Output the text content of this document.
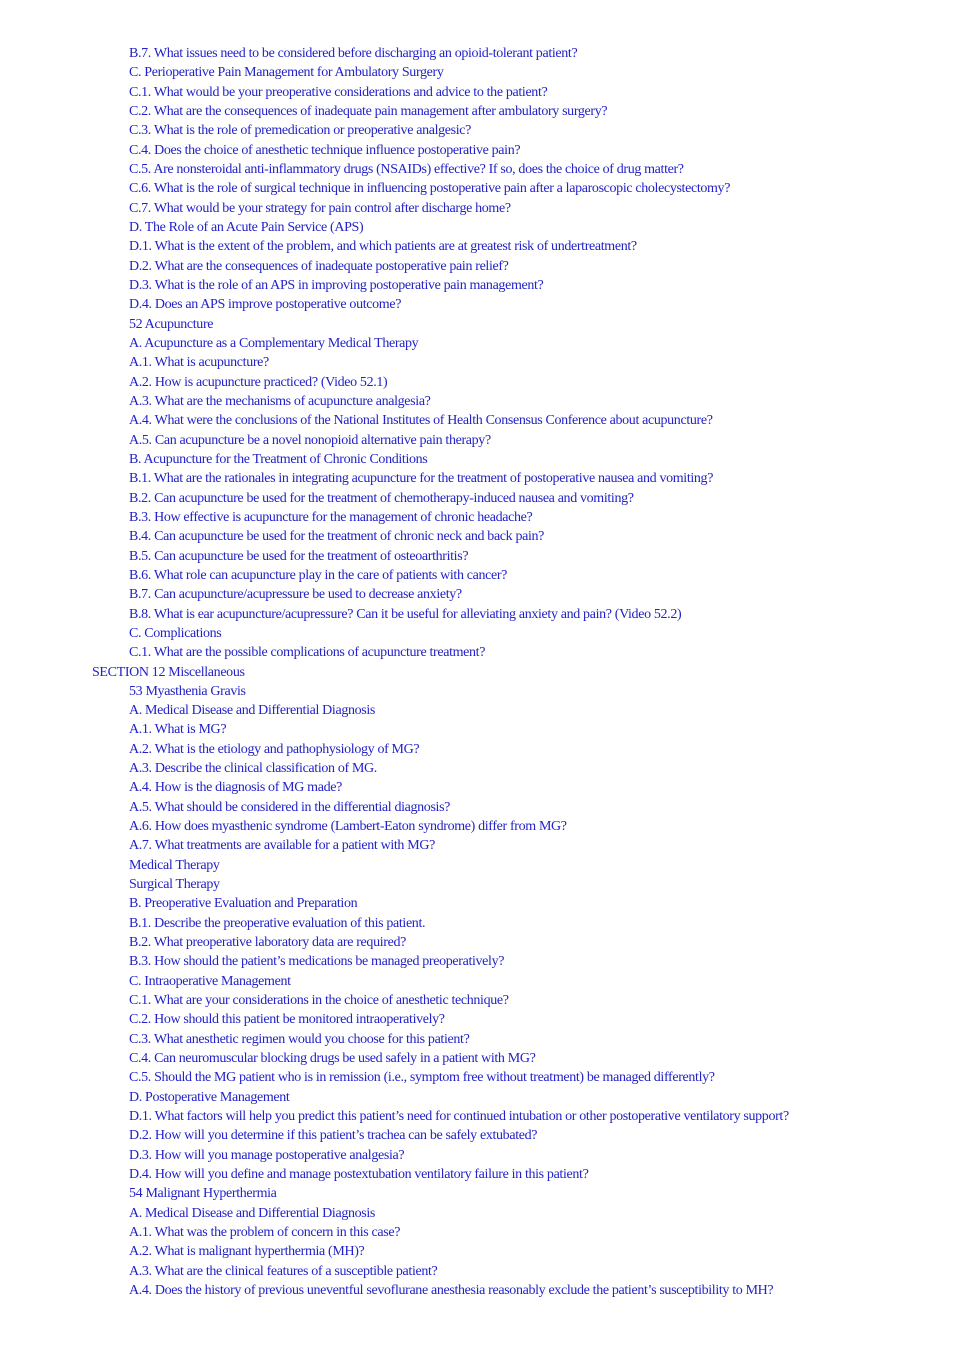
B.7. What issues need to be considered before discharging an opioid-tolerant patient?
C. Perioperative Pain Management for Ambulatory Surgery
C.1. What would be your preoperative considerations and advice to the patient?
C.2. What are the consequences of inadequate pain management after ambulatory surgery?
C.3. What is the role of premedication or preoperative analgesic?
C.4. Does the choice of anesthetic technique influence postoperative pain?
C.5. Are nonsteroidal anti-inflammatory drugs (NSAIDs) effective? If so, does the choice of drug matter?
C.6. What is the role of surgical technique in influencing postoperative pain after a laparoscopic cholecystectomy?
C.7. What would be your strategy for pain control after discharge home?
D. The Role of an Acute Pain Service (APS)
D.1. What is the extent of the problem, and which patients are at greatest risk of undertreatment?
D.2. What are the consequences of inadequate postoperative pain relief?
D.3. What is the role of an APS in improving postoperative pain management?
D.4. Does an APS improve postoperative outcome?
52 Acupuncture
A. Acupuncture as a Complementary Medical Therapy
A.1. What is acupuncture?
A.2. How is acupuncture practiced? (Video 52.1)
A.3. What are the mechanisms of acupuncture analgesia?
A.4. What were the conclusions of the National Institutes of Health Consensus Conference about acupuncture?
A.5. Can acupuncture be a novel nonopioid alternative pain therapy?
B. Acupuncture for the Treatment of Chronic Conditions
B.1. What are the rationales in integrating acupuncture for the treatment of postoperative nausea and vomiting?
B.2. Can acupuncture be used for the treatment of chemotherapy-induced nausea and vomiting?
B.3. How effective is acupuncture for the management of chronic headache?
B.4. Can acupuncture be used for the treatment of chronic neck and back pain?
B.5. Can acupuncture be used for the treatment of osteoarthritis?
B.6. What role can acupuncture play in the care of patients with cancer?
B.7. Can acupuncture/acupressure be used to decrease anxiety?
B.8. What is ear acupuncture/acupressure? Can it be useful for alleviating anxiety and pain? (Video 52.2)
C. Complications
C.1. What are the possible complications of acupuncture treatment?
SECTION 12 Miscellaneous
53 Myasthenia Gravis
A. Medical Disease and Differential Diagnosis
A.1. What is MG?
A.2. What is the etiology and pathophysiology of MG?
A.3. Describe the clinical classification of MG.
A.4. How is the diagnosis of MG made?
A.5. What should be considered in the differential diagnosis?
A.6. How does myasthenic syndrome (Lambert-Eaton syndrome) differ from MG?
A.7. What treatments are available for a patient with MG?
Medical Therapy
Surgical Therapy
B. Preoperative Evaluation and Preparation
B.1. Describe the preoperative evaluation of this patient.
B.2. What preoperative laboratory data are required?
B.3. How should the patient’s medications be managed preoperatively?
C. Intraoperative Management
C.1. What are your considerations in the choice of anesthetic technique?
C.2. How should this patient be monitored intraoperatively?
C.3. What anesthetic regimen would you choose for this patient?
C.4. Can neuromuscular blocking drugs be used safely in a patient with MG?
C.5. Should the MG patient who is in remission (i.e., symptom free without treatment) be managed differently?
D. Postoperative Management
D.1. What factors will help you predict this patient’s need for continued intubation or other postoperative ventilatory support?
D.2. How will you determine if this patient’s trachea can be safely extubated?
D.3. How will you manage postoperative analgesia?
D.4. How will you define and manage postextubation ventilatory failure in this patient?
54 Malignant Hyperthermia
A. Medical Disease and Differential Diagnosis
A.1. What was the problem of concern in this case?
A.2. What is malignant hyperthermia (MH)?
A.3. What are the clinical features of a susceptible patient?
A.4. Does the history of previous uneventful sevoflurane anesthesia reasonably exclude the patient’s susceptibility to MH?
